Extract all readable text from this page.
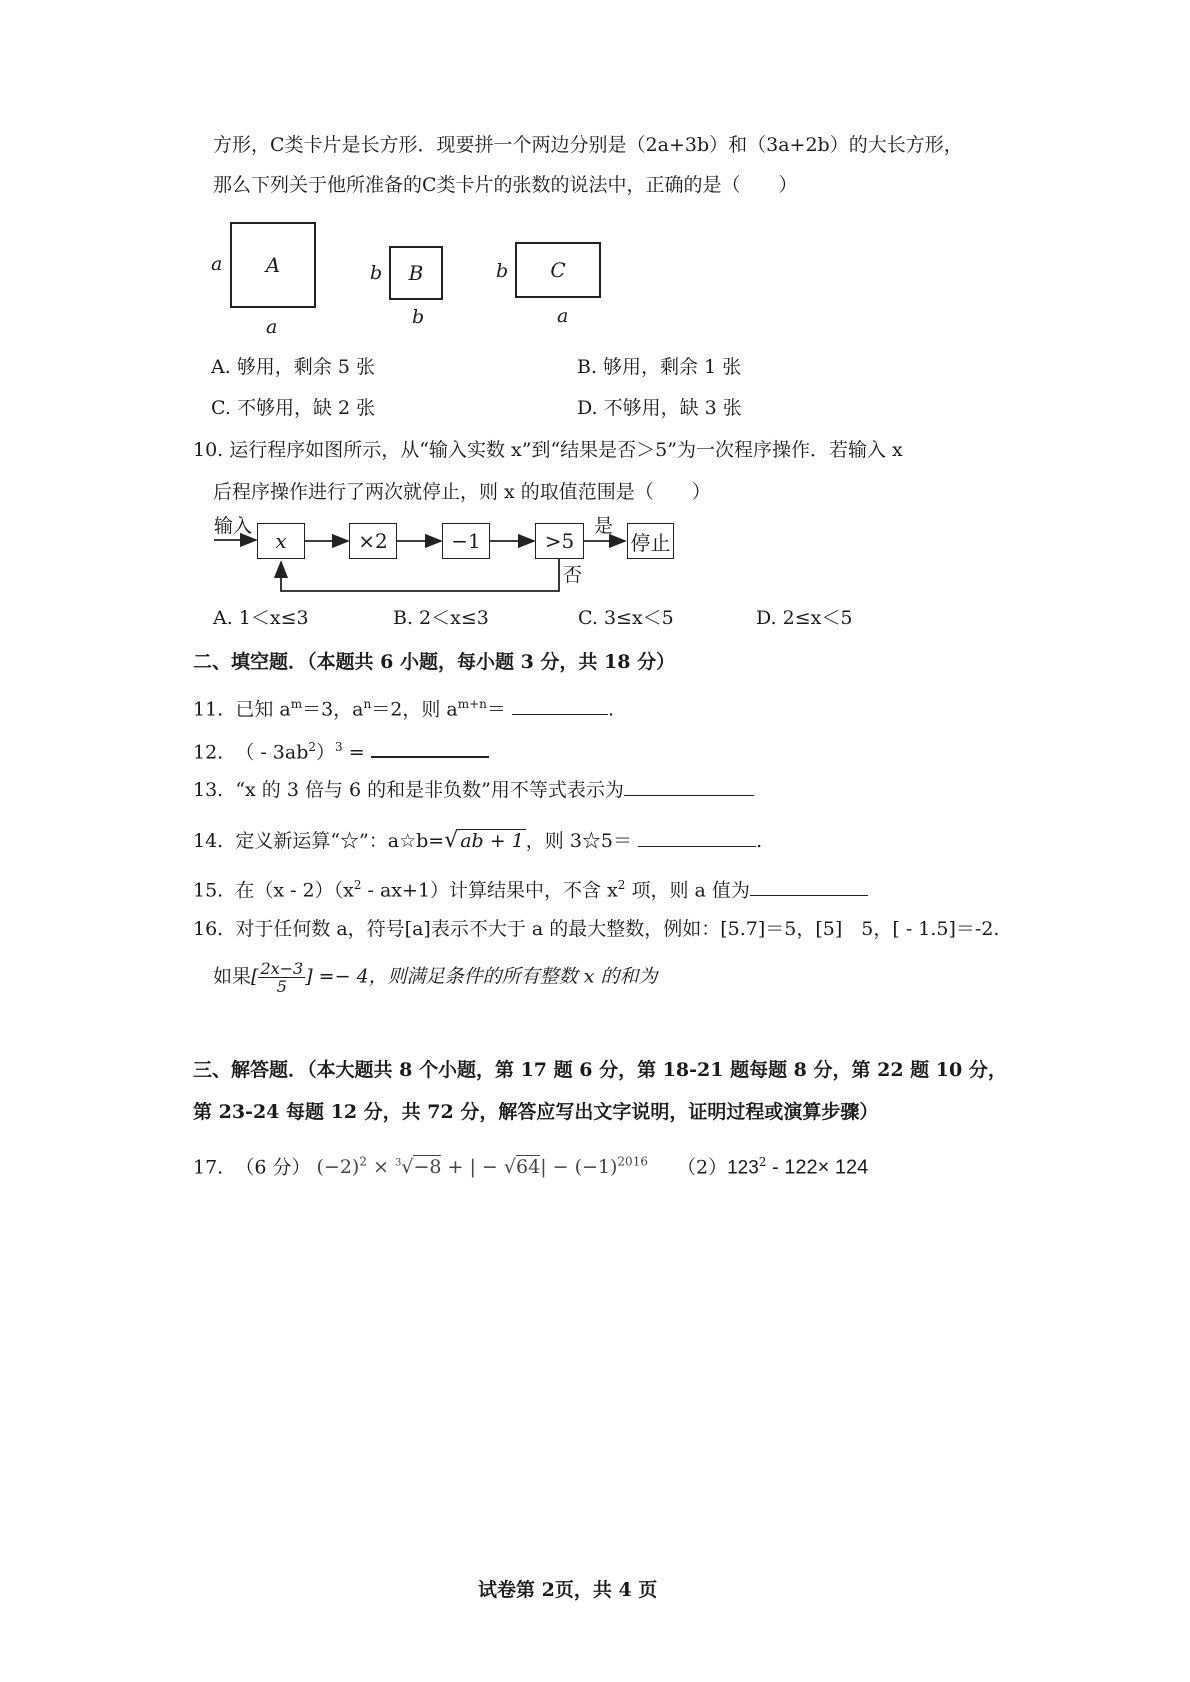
方形，C类卡片是长方形．现要拼一个两边分别是（2a+3b）和（3a+2b）的大长方形，
那么下列关于他所准备的C类卡片的张数的说法中，正确的是（　　）
A
a
a
B
b
b
C
b
a
A. 够用，剩余 5 张	B. 够用，剩余 1 张
C. 不够用，缺 2 张	D. 不够用，缺 3 张
10. 运行程序如图所示，从“输入实数 x”到“结果是否＞5”为一次程序操作．若输入 x
后程序操作进行了两次就停止，则 x 的取值范围是（　　）
输入
x	×2	−1	>5
是
停止
否
A. 1＜x≤3	B. 2＜x≤3	C. 3≤x＜5	D. 2≤x＜5
二、填空题．（本题共 6 小题，每小题 3 分，共 18 分）
11. 已知 $a^m=3$，$a^n=2$，则 $a^{m+n}=$	.
12. （ - $3ab^2)^3$ =
13. “x 的 3 倍与 6 的和是非负数”用不等式表示为
14. 定义新运算“☆”：a☆b=√ ab + 1 ，则 3☆5＝	.
15. 在$(x - 2)(x^2 - ax+1)$计算结果中，不含 $x^2$ 项，则 a 值为
16. 对于任何数 a，符号[a]表示不大于 a 的最大整数，例如：[5.7]＝5，[5]　5，[ - 1.5]＝-2.
如果[ $\frac{2x-3}{5}$ ] =− 4，则满足条件的所有整数 x 的和为
三、解答题．（本大题共 8 个小题，第 17 题 6 分，第 18-21 题每题 8 分，第 22 题 10 分，
第 23-24 每题 12 分，共 72 分，解答应写出文字说明，证明过程或演算步骤）
17. （6 分） $(-2)^2 \times ^3√-8$ + | − $√64| - (-1)^{2016}$ $(2)123^2 - 122\times 124$
试卷第 2页，共 4 页
